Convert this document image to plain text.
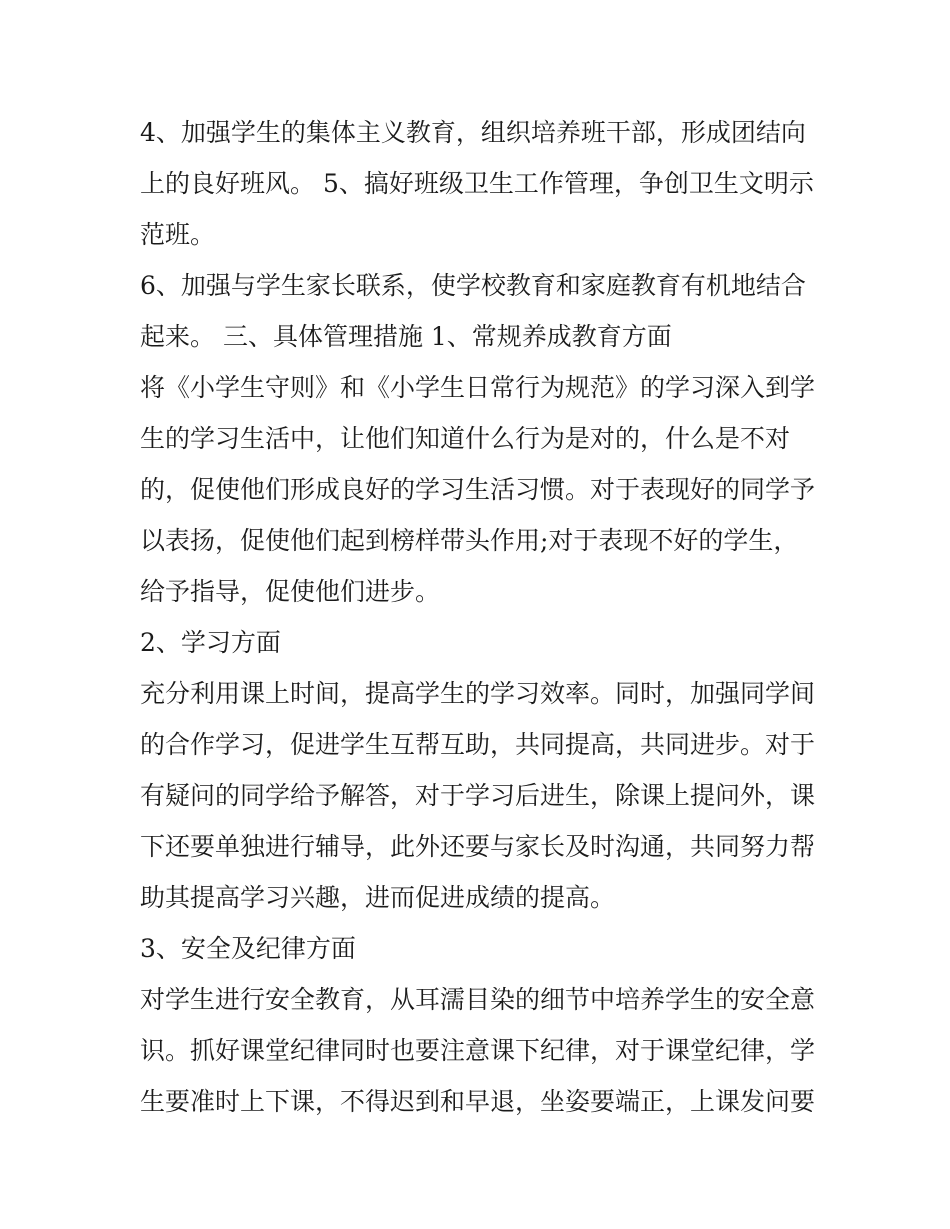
4、加强学生的集体主义教育，组织培养班干部，形成团结向

上的良好班风。 5、搞好班级卫生工作管理，争创卫生文明示

范班。

6、加强与学生家长联系，使学校教育和家庭教育有机地结合

起来。 三、具体管理措施 1、常规养成教育方面

将《小学生守则》和《小学生日常行为规范》的学习深入到学

生的学习生活中，让他们知道什么行为是对的，什么是不对

的，促使他们形成良好的学习生活习惯。对于表现好的同学予

以表扬，促使他们起到榜样带头作用;对于表现不好的学生，

给予指导，促使他们进步。

2、学习方面

充分利用课上时间，提高学生的学习效率。同时，加强同学间

的合作学习，促进学生互帮互助，共同提高，共同进步。对于

有疑问的同学给予解答，对于学习后进生，除课上提问外，课

下还要单独进行辅导，此外还要与家长及时沟通，共同努力帮

助其提高学习兴趣，进而促进成绩的提高。

3、安全及纪律方面

对学生进行安全教育，从耳濡目染的细节中培养学生的安全意

识。抓好课堂纪律同时也要注意课下纪律，对于课堂纪律，学

生要准时上下课，不得迟到和早退，坐姿要端正，上课发问要
